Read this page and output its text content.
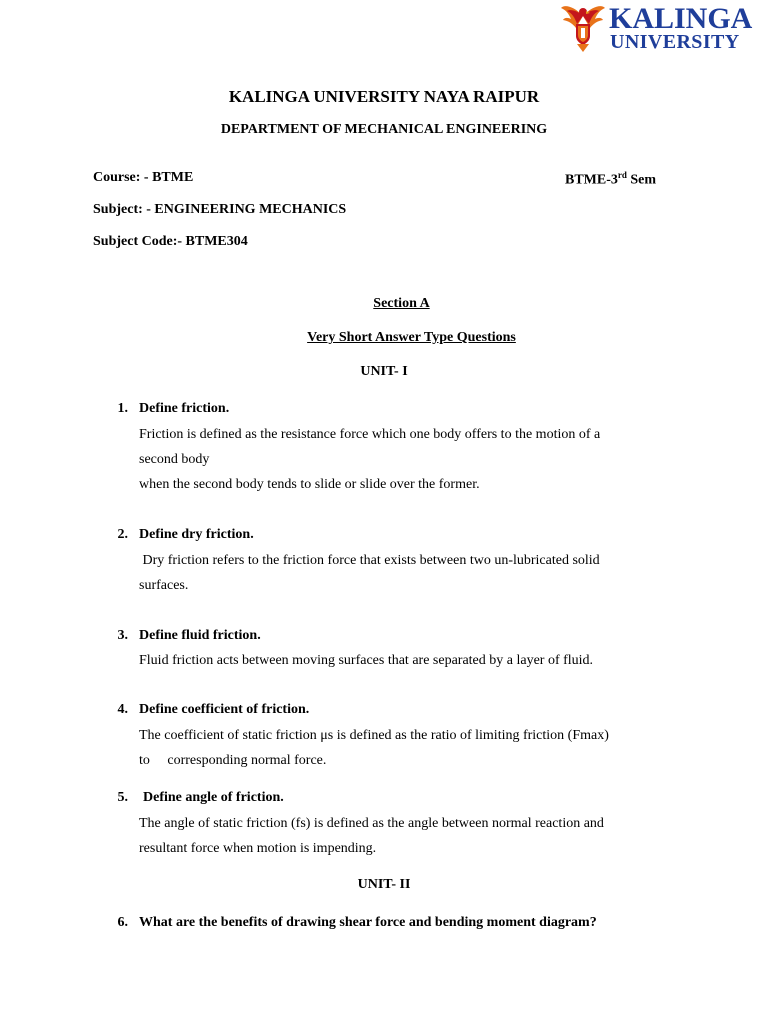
KALINGA
UNIVERSITY
KALINGA UNIVERSITY NAYA RAIPUR
DEPARTMENT OF MECHANICAL ENGINEERING
Course: - BTME	BTME-3rd Sem
Subject: - ENGINEERING MECHANICS
Subject Code:- BTME304
Section A
Very Short Answer Type Questions
UNIT- I
1. Define friction.
Friction is defined as the resistance force which one body offers to the motion of a
second body
when the second body tends to slide or slide over the former.
2. Define dry friction.
Dry friction refers to the friction force that exists between two un-lubricated solid
surfaces.
3. Define fluid friction.
Fluid friction acts between moving surfaces that are separated by a layer of fluid.
4. Define coefficient of friction.
The coefficient of static friction μs is defined as the ratio of limiting friction (Fmax)
to     corresponding normal force.
5. Define angle of friction.
The angle of static friction (fs) is defined as the angle between normal reaction and
resultant force when motion is impending.
UNIT- II
6. What are the benefits of drawing shear force and bending moment diagram?
